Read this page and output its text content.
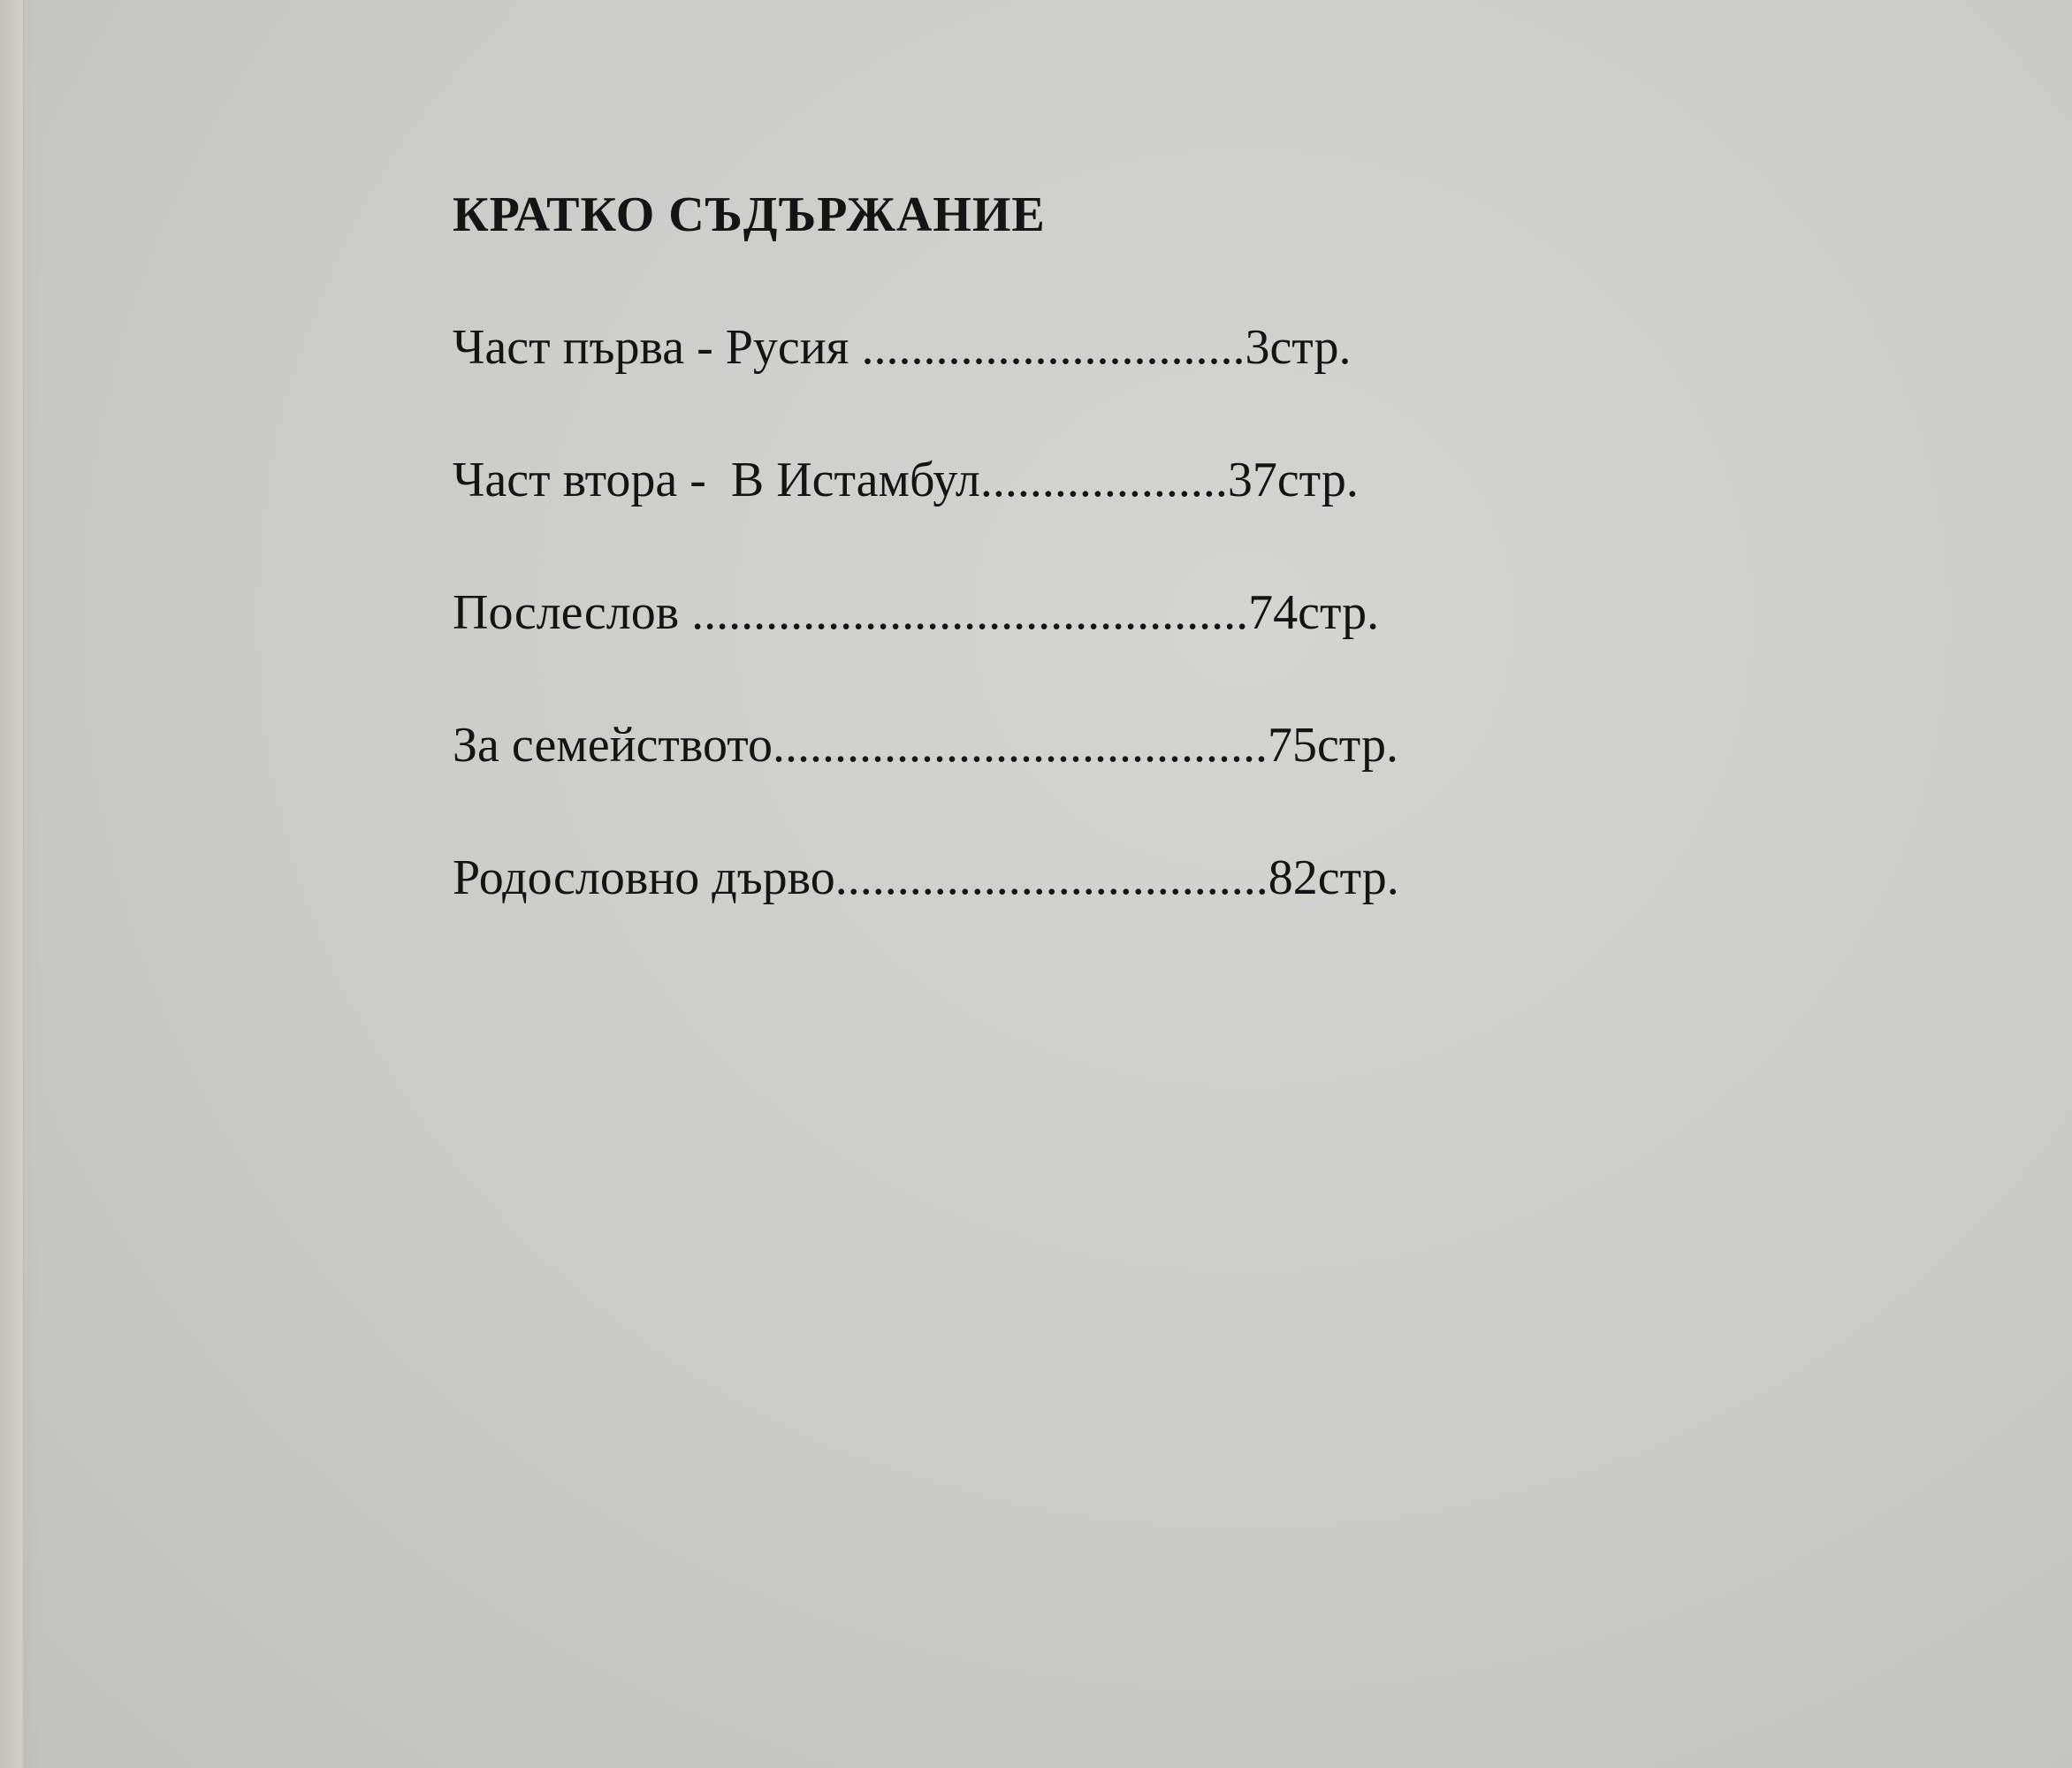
КРАТКО СЪДЪРЖАНИЕ
Част първа - Русия ...............................3стр.
Част втора -  В Истамбул....................37стр.
Послеслов .............................................74стр.
За семейството........................................75стр.
Родословно дърво...................................82стр.
